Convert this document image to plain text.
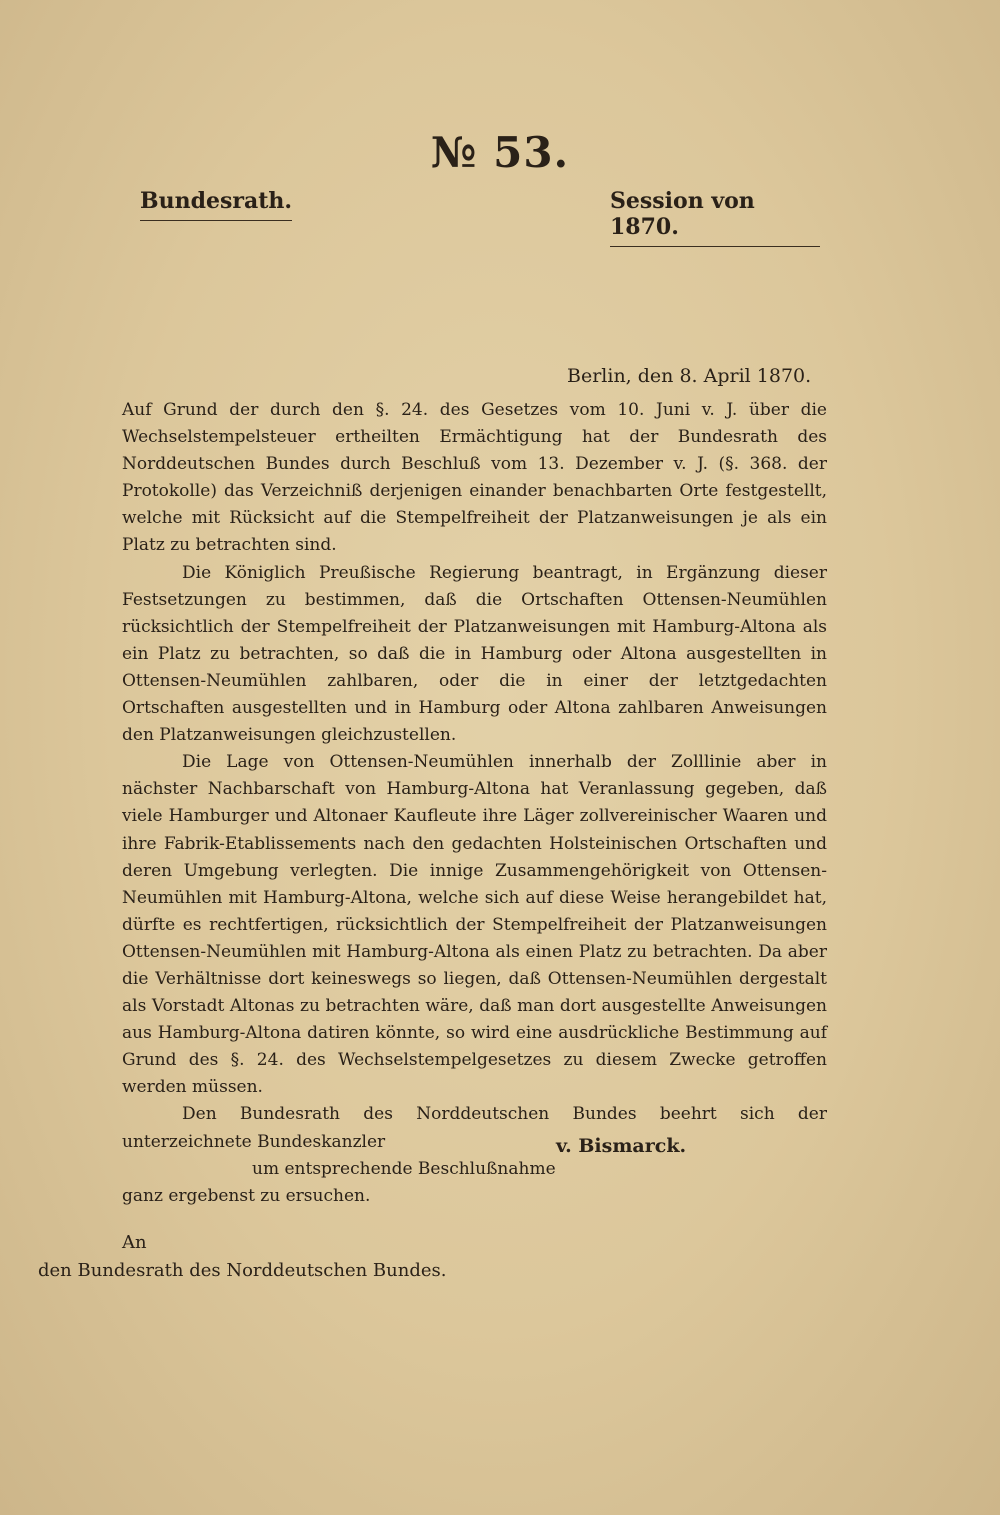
№ 53.
Bundesrath.	Session von 1870.
Berlin, den 8. April 1870.

Auf Grund der durch den §. 24. des Gesetzes vom 10. Juni v. J. über die Wechselstempelsteuer ertheilten Ermächtigung hat der Bundesrath des Norddeutschen Bundes durch Beschluß vom 13. Dezember v. J. (§. 368. der Protokolle) das Verzeichniß derjenigen einander benachbarten Orte festgestellt, welche mit Rücksicht auf die Stempelfreiheit der Platzanweisungen je als ein Platz zu betrachten sind.

Die Königlich Preußische Regierung beantragt, in Ergänzung dieser Festsetzungen zu bestimmen, daß die Ortschaften Ottensen-Neumühlen rücksichtlich der Stempelfreiheit der Platzanweisungen mit Hamburg-Altona als ein Platz zu betrachten, so daß die in Hamburg oder Altona ausgestellten in Ottensen-Neumühlen zahlbaren, oder die in einer der letztgedachten Ortschaften ausgestellten und in Hamburg oder Altona zahlbaren Anweisungen den Platzanweisungen gleichzustellen.

Die Lage von Ottensen-Neumühlen innerhalb der Zolllinie aber in nächster Nachbarschaft von Hamburg-Altona hat Veranlassung gegeben, daß viele Hamburger und Altonaer Kaufleute ihre Läger zollvereinischer Waaren und ihre Fabrik-Etablissements nach den gedachten Holsteinischen Ortschaften und deren Umgebung verlegten. Die innige Zusammengehörigkeit von Ottensen-Neumühlen mit Hamburg-Altona, welche sich auf diese Weise herangebildet hat, dürfte es rechtfertigen, rücksichtlich der Stempelfreiheit der Platzanweisungen Ottensen-Neumühlen mit Hamburg-Altona als einen Platz zu betrachten. Da aber die Verhältnisse dort keineswegs so liegen, daß Ottensen-Neumühlen dergestalt als Vorstadt Altonas zu betrachten wäre, daß man dort ausgestellte Anweisungen aus Hamburg-Altona datiren könnte, so wird eine ausdrückliche Bestimmung auf Grund des §. 24. des Wechselstempelgesetzes zu diesem Zwecke getroffen werden müssen.

Den Bundesrath des Norddeutschen Bundes beehrt sich der unterzeichnete Bundeskanzler

um entsprechende Beschlußnahme

ganz ergebenst zu ersuchen.

v. Bismarck.
An
den Bundesrath des Norddeutschen Bundes.
